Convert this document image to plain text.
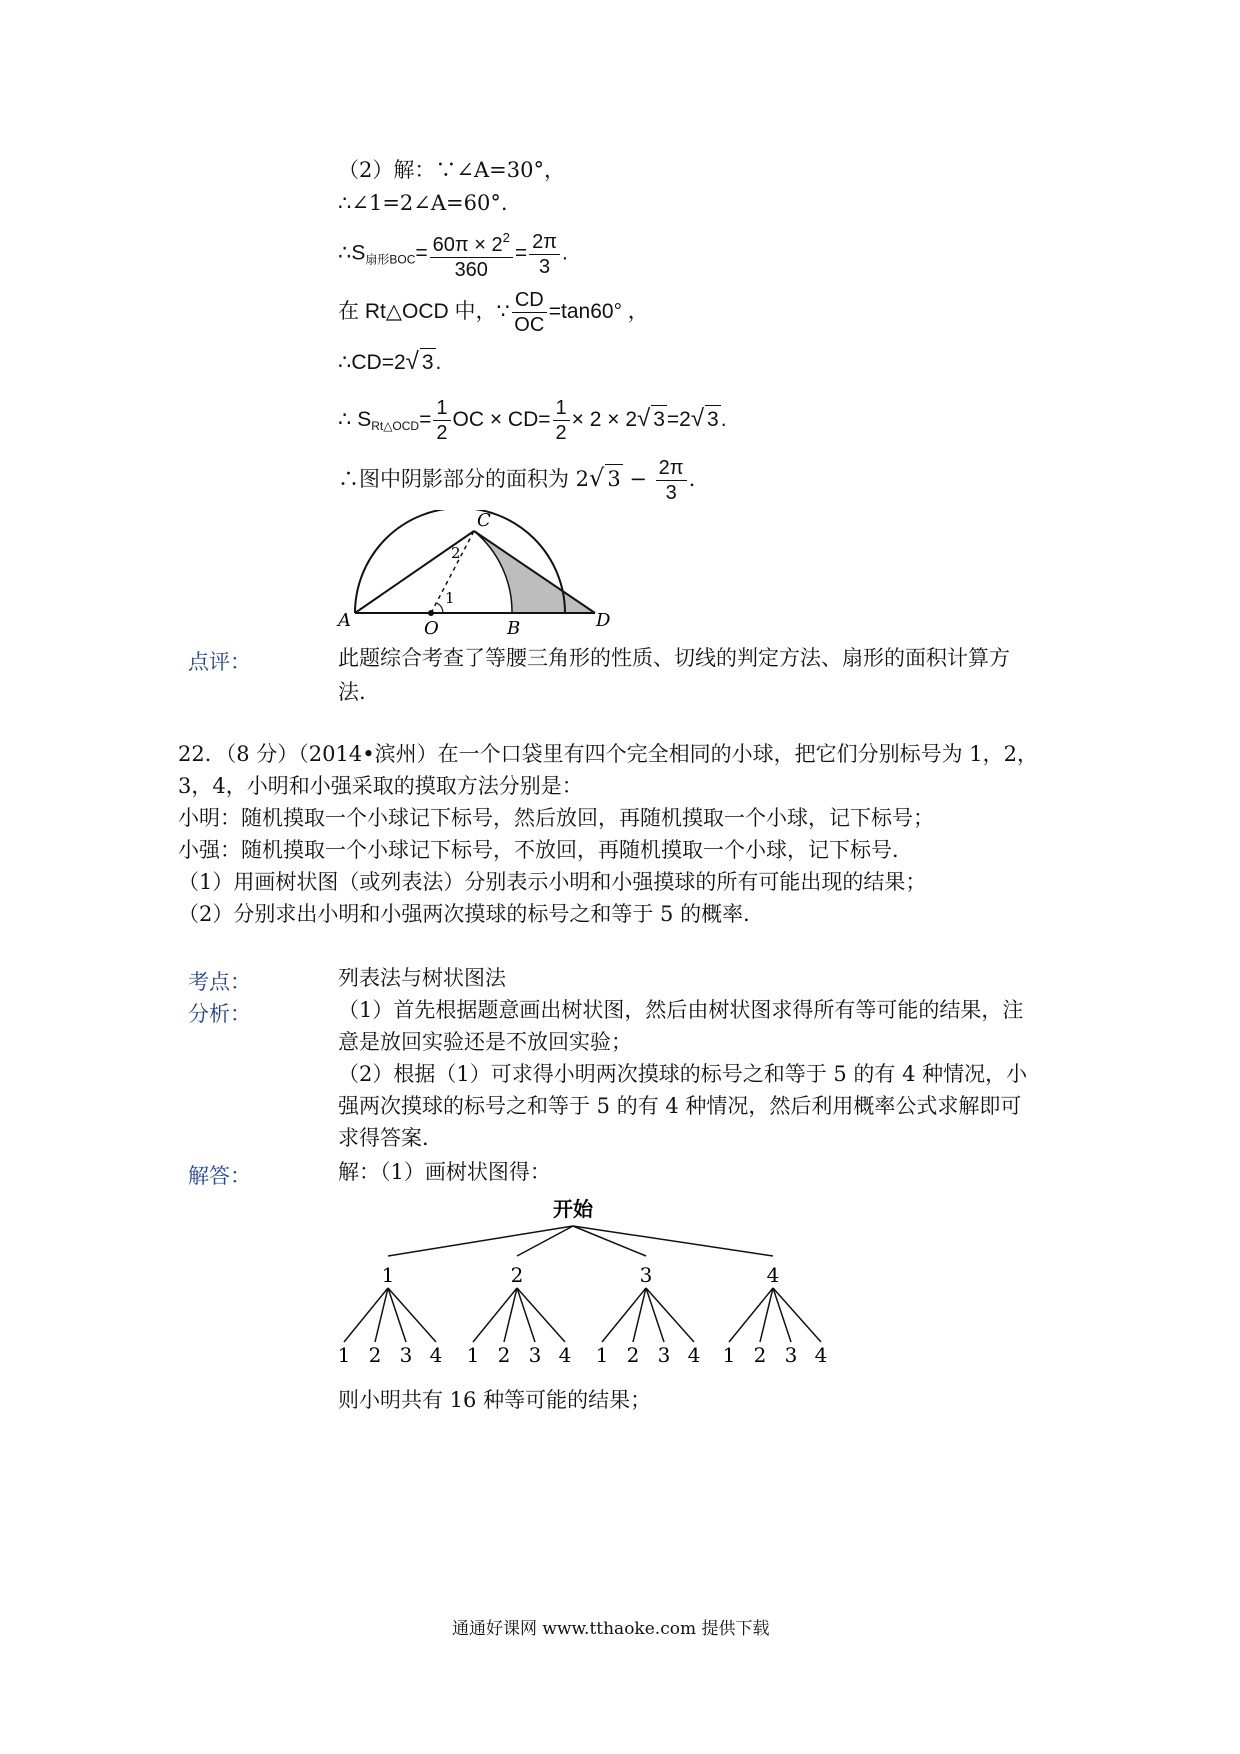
（2）解：∵∠A=30°，
∴∠1=2∠A=60°.
$\therefore S_{扇形BOC}= \frac{60\pi \times 2^2}{360} = \frac{2\pi}{3}$ .
在 Rt△OCD 中，∵ $\frac{CD}{OC} =\tan 60^\circ$ ，
∴CD=2√ 3.
∴ $S_{Rt\triangle OCD}= \frac{1}{2}$ OC × $CD= \frac{1}{2} \times 2 \times 2√$ 3=2√ 3.
∴图中阴影部分的面积为 2√ $3 - \frac{2\pi}{3}$ .
A	O	B	D
C
1
2
点评：	此题综合考查了等腰三角形的性质、切线的判定方法、扇形的面积计算方
法.
22．（8 分）（2014•滨州）在一个口袋里有四个完全相同的小球，把它们分别标号为 1，2，
3，4，小明和小强采取的摸取方法分别是：
小明：随机摸取一个小球记下标号，然后放回，再随机摸取一个小球，记下标号；
小强：随机摸取一个小球记下标号，不放回，再随机摸取一个小球，记下标号．
（1）用画树状图（或列表法）分别表示小明和小强摸球的所有可能出现的结果；
（2）分别求出小明和小强两次摸球的标号之和等于 5 的概率．
考点：	列表法与树状图法
分析：	（1）首先根据题意画出树状图，然后由树状图求得所有等可能的结果，注
意是放回实验还是不放回实验；
（2）根据（1）可求得小明两次摸球的标号之和等于 5 的有 4 种情况，小
强两次摸球的标号之和等于 5 的有 4 种情况，然后利用概率公式求解即可
求得答案．
解答：	解：（1）画树状图得：
开始
1
1 2 3 4
2
1 2 3 4
3
1 2 3 4
4
1 2 3 4
则小明共有 16 种等可能的结果；
通通好课网 www.tthaoke.com 提供下载
